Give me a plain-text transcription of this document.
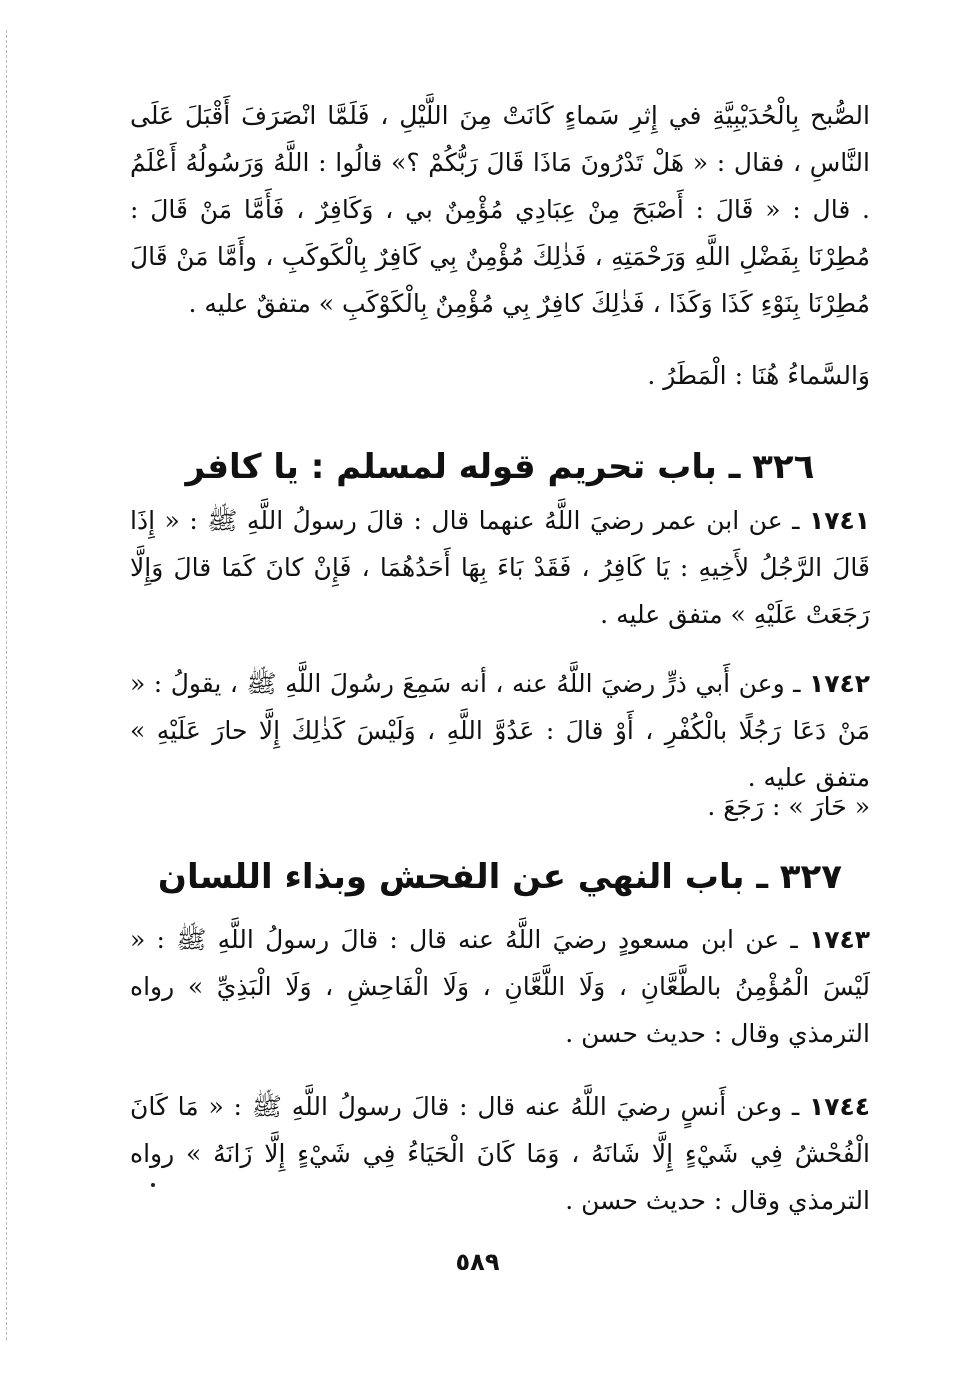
الصُّبح بِالْحُدَيْبِيَّةِ في إِثرِ سَماءٍ كَانَتْ مِنَ اللَّيْلِ ، فَلَمَّا انْصَرَفَ أَقْبَلَ عَلَى النَّاسِ ، فقال : « هَلْ تَدْرُونَ مَاذَا قَالَ رَبُّكُمْ ؟» قالُوا : اللَّهُ وَرَسُولُهُ أَعْلَمُ . قال : « قَالَ : أَصْبَحَ مِنْ عِبَادِي مُؤْمِنٌ بي ، وَكَافِرٌ ، فَأَمَّا مَنْ قَالَ : مُطِرْنَا بِفَضْلِ اللَّهِ وَرَحْمَتِهِ ، فَذٰلِكَ مُؤْمِنٌ بِي كَافِرٌ بِالْكَوكَبِ ، وأَمَّا مَنْ قَالَ مُطِرْنَا بِنَوْءِ كَذَا وَكَذَا ، فَذٰلِكَ كافِرٌ بِي مُؤْمِنٌ بِالْكَوْكَبِ » متفقٌ عليه .

وَالسَّماءُ هُنَا : الْمَطَرُ .

٣٢٦ ـ باب تحريم قوله لمسلم : يا كافر

١٧٤١ ـ عن ابن عمر رضيَ اللَّهُ عنهما قال : قالَ رسولُ اللَّهِ ﷺ : « إِذَا قَالَ الرَّجُلُ لأَخِيهِ : يَا كَافِرُ ، فَقَدْ بَاءَ بِهَا أَحَدُهُمَا ، فَإِنْ كانَ كَمَا قالَ وَإِلَّا رَجَعَتْ عَلَيْهِ » متفق عليه .

١٧٤٢ ـ وعن أَبي ذرٍّ رضيَ اللَّهُ عنه ، أنه سَمِعَ رسُولَ اللَّهِ ﷺ ، يقولُ : « مَنْ دَعَا رَجُلًا بالْكُفْرِ ، أَوْ قالَ : عَدُوَّ اللَّهِ ، وَلَيْسَ كَذٰلِكَ إِلَّا حارَ عَلَيْهِ » متفق عليه .

« حَارَ » : رَجَعَ .

٣٢٧ ـ باب النهي عن الفحش وبذاء اللسان

١٧٤٣ ـ عن ابن مسعودٍ رضيَ اللَّهُ عنه قال : قالَ رسولُ اللَّهِ ﷺ : « لَيْسَ الْمُؤْمِنُ بالطَّعَّانِ ، وَلَا اللَّعَّانِ ، وَلَا الْفَاحِشِ ، وَلَا الْبَذِيِّ » رواه الترمذي وقال : حديث حسن .

١٧٤٤ ـ وعن أَنسٍ رضيَ اللَّهُ عنه قال : قالَ رسولُ اللَّهِ ﷺ : « مَا كَانَ الْفُحْشُ فِي شَيْءٍ إِلَّا شَانَهُ ، وَمَا كَانَ الْحَيَاءُ فِي شَيْءٍ إِلَّا زَانَهُ » رواه الترمذي وقال : حديث حسن .

٥٨٩
